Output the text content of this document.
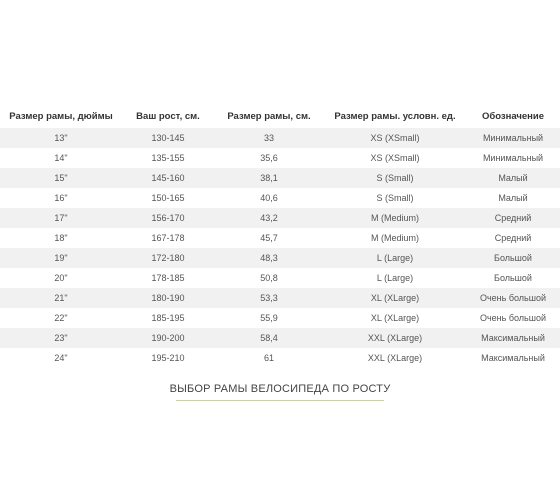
Размер рамы, дюймы	Ваш рост, см.	Размер рамы, см.	Размер рамы. условн. ед.	Обозначение
13"	130-145	33	XS (XSmall)	Минимальный
14"	135-155	35,6	XS (XSmall)	Минимальный
15"	145-160	38,1	S (Small)	Малый
16"	150-165	40,6	S (Small)	Малый
17"	156-170	43,2	M (Medium)	Средний
18"	167-178	45,7	M (Medium)	Средний
19"	172-180	48,3	L (Large)	Большой
20"	178-185	50,8	L (Large)	Большой
21"	180-190	53,3	XL (XLarge)	Очень большой
22"	185-195	55,9	XL (XLarge)	Очень большой
23"	190-200	58,4	XXL (XLarge)	Максимальный
24"	195-210	61	XXL (XLarge)	Максимальный
ВЫБОР РАМЫ ВЕЛОСИПЕДА ПО РОСТУ
